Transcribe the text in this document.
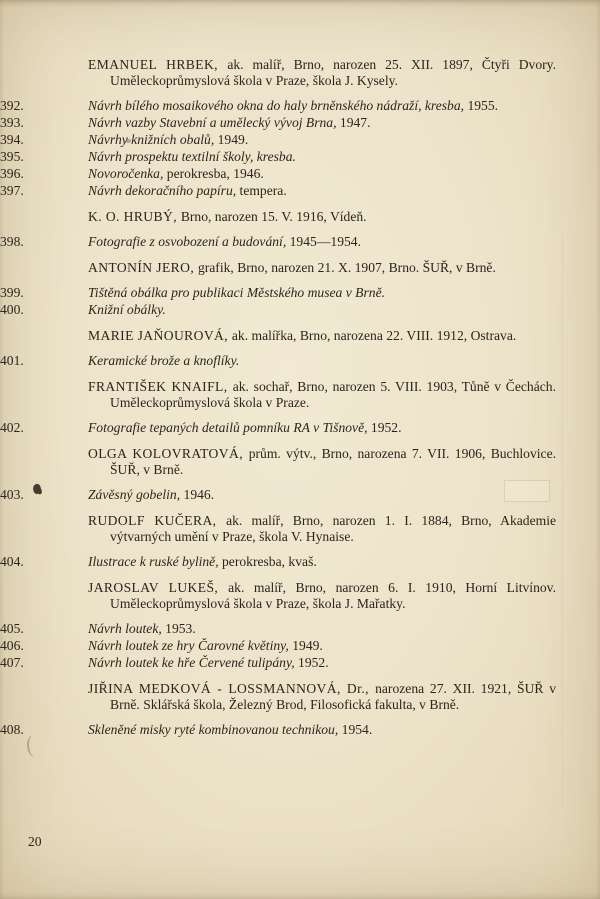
EMANUEL HRBEK, ak. malíř, Brno, narozen 25. XII. 1897, Čtyři Dvory. Uměleckoprůmyslová škola v Praze, škola J. Kysely.

392.	Návrh bílého mosaikového okna do haly brněnského nádraží, kresba, 1955.

393.	Návrh vazby Stavební a umělecký vývoj Brna, 1947.

394.	Návrhy knižních obalů, 1949.

395.	Návrh prospektu textilní školy, kresba.

396.	Novoročenka, perokresba, 1946.

397.	Návrh dekoračního papíru, tempera.

K. O. HRUBÝ, Brno, narozen 15. V. 1916, Vídeň.

398.	Fotografie z osvobození a budování, 1945—1954.

ANTONÍN JERO, grafik, Brno, narozen 21. X. 1907, Brno. ŠUŘ, v Brně.

399.	Tištěná obálka pro publikaci Městského musea v Brně.

400.	Knižní obálky.

MARIE JAŇOUROVÁ, ak. malířka, Brno, narozena 22. VIII. 1912, Ostrava.

401.	Keramické brože a knoflíky.

FRANTIŠEK KNAIFL, ak. sochař, Brno, narozen 5. VIII. 1903, Tůně v Čechách. Uměleckoprůmyslová škola v Praze.

402.	Fotografie tepaných detailů pomníku RA v Tišnově, 1952.

OLGA KOLOVRATOVÁ, prům. výtv., Brno, narozena 7. VII. 1906, Buchlovice. ŠUŘ, v Brně.

403.	Závěsný gobelin, 1946.

RUDOLF KUČERA, ak. malíř, Brno, narozen 1. I. 1884, Brno, Akademie výtvarných umění v Praze, škola V. Hynaise.

404.	Ilustrace k ruské bylině, perokresba, kvaš.

JAROSLAV LUKEŠ, ak. malíř, Brno, narozen 6. I. 1910, Horní Litvínov. Uměleckoprůmyslová škola v Praze, škola J. Mařatky.

405.	Návrh loutek, 1953.

406.	Návrh loutek ze hry Čarovné květiny, 1949.

407.	Návrh loutek ke hře Červené tulipány, 1952.

JIŘINA MEDKOVÁ - LOSSMANNOVÁ, Dr., narozena 27. XII. 1921, ŠUŘ v Brně. Sklářská škola, Železný Brod, Filosofická fakulta, v Brně.

408.	Skleněné misky ryté kombinovanou technikou, 1954.

20
